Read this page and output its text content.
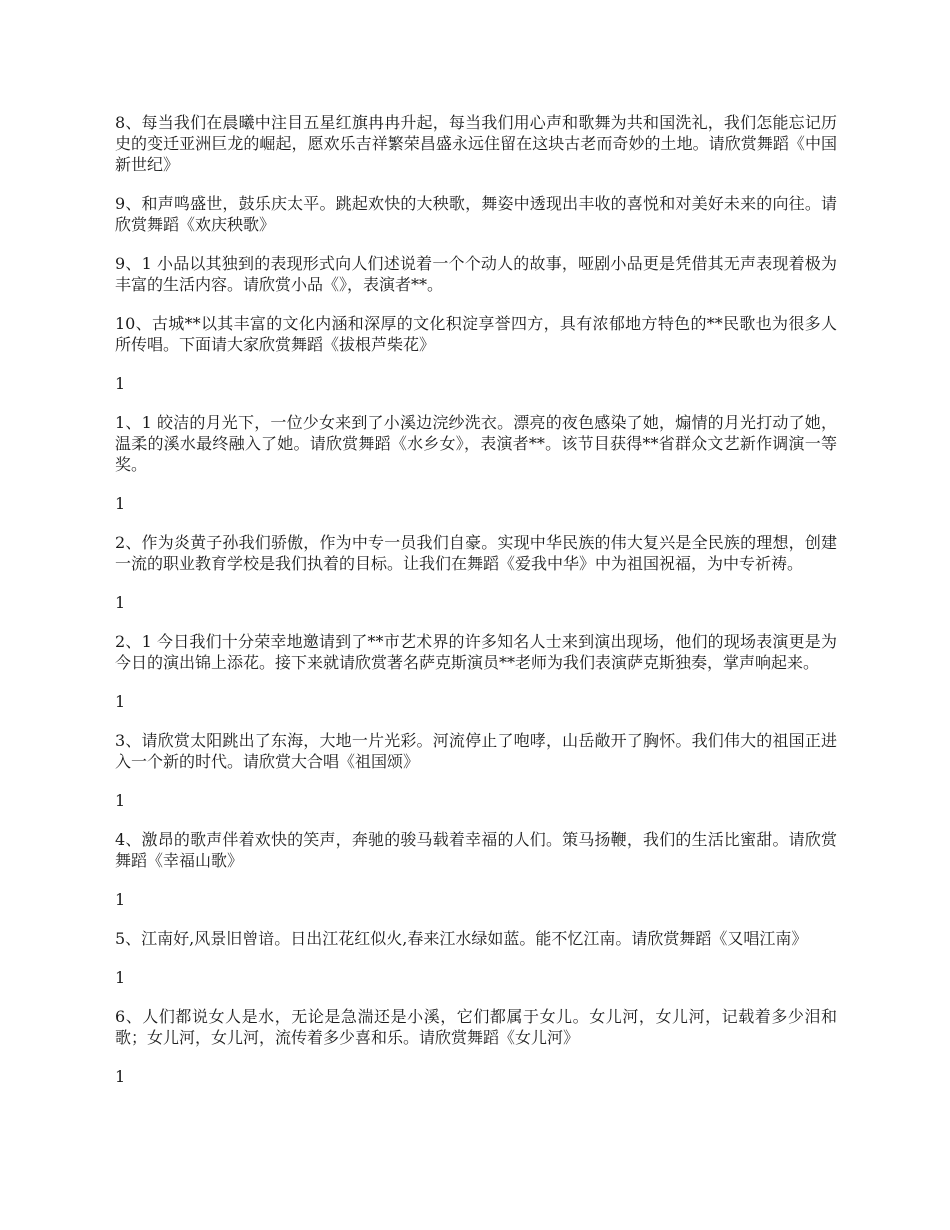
8、每当我们在晨曦中注目五星红旗冉冉升起，每当我们用心声和歌舞为共和国洗礼，我们怎能忘记历史的变迁亚洲巨龙的崛起，愿欢乐吉祥繁荣昌盛永远住留在这块古老而奇妙的土地。请欣赏舞蹈《中国新世纪》

9、和声鸣盛世，鼓乐庆太平。跳起欢快的大秧歌，舞姿中透现出丰收的喜悦和对美好未来的向往。请欣赏舞蹈《欢庆秧歌》

9、1 小品以其独到的表现形式向人们述说着一个个动人的故事，哑剧小品更是凭借其无声表现着极为丰富的生活内容。请欣赏小品《》，表演者**。

10、古城**以其丰富的文化内涵和深厚的文化积淀享誉四方，具有浓郁地方特色的**民歌也为很多人所传唱。下面请大家欣赏舞蹈《拔根芦柴花》

1

1、1 皎洁的月光下，一位少女来到了小溪边浣纱洗衣。漂亮的夜色感染了她，煽情的月光打动了她，温柔的溪水最终融入了她。请欣赏舞蹈《水乡女》，表演者**。该节目获得**省群众文艺新作调演一等奖。

1

2、作为炎黄子孙我们骄傲，作为中专一员我们自豪。实现中华民族的伟大复兴是全民族的理想，创建一流的职业教育学校是我们执着的目标。让我们在舞蹈《爱我中华》中为祖国祝福，为中专祈祷。

1

2、1 今日我们十分荣幸地邀请到了**市艺术界的许多知名人士来到演出现场，他们的现场表演更是为今日的演出锦上添花。接下来就请欣赏著名萨克斯演员**老师为我们表演萨克斯独奏，掌声响起来。

1

3、请欣赏太阳跳出了东海，大地一片光彩。河流停止了咆哮，山岳敞开了胸怀。我们伟大的祖国正进入一个新的时代。请欣赏大合唱《祖国颂》

1

4、激昂的歌声伴着欢快的笑声，奔驰的骏马载着幸福的人们。策马扬鞭，我们的生活比蜜甜。请欣赏舞蹈《幸福山歌》

1

5、江南好,风景旧曾谙。日出江花红似火,春来江水绿如蓝。能不忆江南。请欣赏舞蹈《又唱江南》

1

6、人们都说女人是水，无论是急湍还是小溪，它们都属于女儿。女儿河，女儿河，记载着多少泪和歌；女儿河，女儿河，流传着多少喜和乐。请欣赏舞蹈《女儿河》

1
